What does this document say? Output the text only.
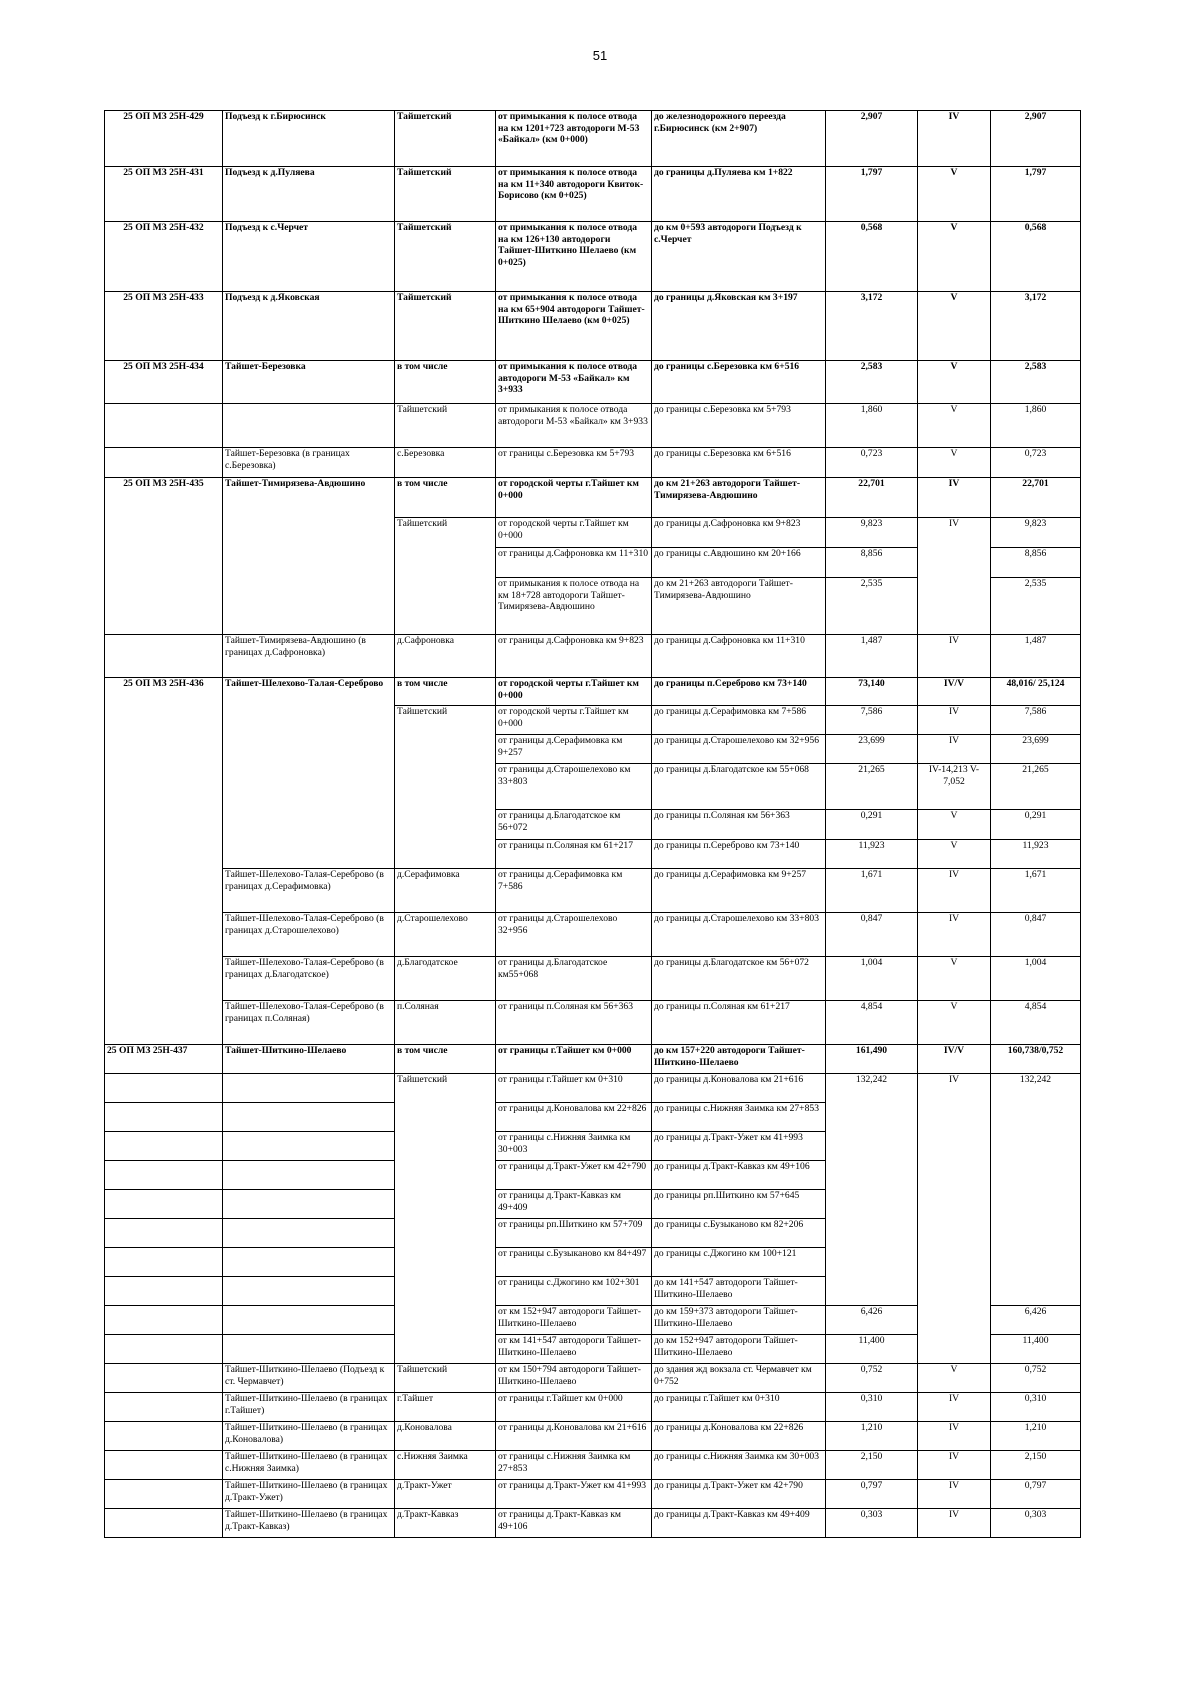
51
25 ОП МЗ 25Н-429	Подъезд к г.Бирюсинск	Тайшетский	от примыкания к полосе отвода на км 1201+723 автодороги М-53 «Байкал» (км 0+000)	до железнодорожного переезда г.Бирюсинск (км 2+907)	2,907	IV	2,907
25 ОП МЗ 25Н-431	Подъезд к д.Пуляева	Тайшетский	от примыкания к полосе отвода на км 11+340 автодороги Квиток-Борисово (км 0+025)	до границы д.Пуляева км 1+822	1,797	V	1,797
25 ОП МЗ 25Н-432	Подъезд к с.Черчет	Тайшетский	от примыкания к полосе отвода на км 126+130 автодороги Тайшет-Шиткино Шелаево (км 0+025)	до км 0+593 автодороги Подъезд к с.Черчет	0,568	V	0,568
25 ОП МЗ 25Н-433	Подъезд к д.Яковская	Тайшетский	от примыкания к полосе отвода на км 65+904 автодороги Тайшет-Шиткино Шелаево (км 0+025)	до границы д.Яковская км 3+197	3,172	V	3,172
25 ОП МЗ 25Н-434	Тайшет-Березовка	в том числе	от примыкания к полосе отвода автодороги М-53 «Байкал» км 3+933	до границы с.Березовка км 6+516	2,583	V	2,583
		Тайшетский	от примыкания к полосе отвода автодороги М-53 «Байкал» км 3+933	до границы с.Березовка км 5+793	1,860	V	1,860
	Тайшет-Березовка (в границах с.Березовка)	с.Березовка	от границы с.Березовка км 5+793	до границы с.Березовка км 6+516	0,723	V	0,723
25 ОП МЗ 25Н-435	Тайшет-Тимирязева-Авдюшино	в том числе	от городской черты г.Тайшет км 0+000	до км 21+263 автодороги Тайшет-Тимирязева-Авдюшино	22,701	IV	22,701
		Тайшетский	от городской черты г.Тайшет км 0+000	до границы д.Сафроновка км 9+823	9,823	IV	9,823
			от границы д.Сафроновка км 11+310	до границы с.Авдюшино км 20+166	8,856		8,856
			от примыкания к полосе отвода на км 18+728 автодороги Тайшет-Тимирязева-Авдюшино	до км 21+263 автодороги Тайшет-Тимирязева-Авдюшино	2,535		2,535
	Тайшет-Тимирязева-Авдюшино (в границах д.Сафроновка)	д.Сафроновка	от границы д.Сафроновка км 9+823	до границы д.Сафроновка км 11+310	1,487	IV	1,487
25 ОП МЗ 25Н-436	Тайшет-Шелехово-Талая-Сереброво	в том числе	от городской черты г.Тайшет км 0+000	до границы п.Сереброво км 73+140	73,140	IV/V	48,016/ 25,124
		Тайшетский	от городской черты г.Тайшет км 0+000	до границы д.Серафимовка км 7+586	7,586	IV	7,586
			от границы д.Серафимовка км 9+257	до границы д.Старошелехово км 32+956	23,699	IV	23,699
			от границы д.Старошелехово км 33+803	до границы д.Благодатское км 55+068	21,265	IV-14,213 V-7,052	21,265
			от границы д.Благодатское км 56+072	до границы п.Соляная км 56+363	0,291	V	0,291
			от границы п.Соляная км 61+217	до границы п.Сереброво км 73+140	11,923	V	11,923
	Тайшет-Шелехово-Талая-Сереброво (в границах д.Серафимовка)	д.Серафимовка	от границы д.Серафимовка км 7+586	до границы д.Серафимовка км 9+257	1,671	IV	1,671
	Тайшет-Шелехово-Талая-Сереброво (в границах д.Старошелехово)	д.Старошелехово	от границы д.Старошелехово 32+956	до границы д.Старошелехово км 33+803	0,847	IV	0,847
	Тайшет-Шелехово-Талая-Сереброво (в границах д.Благодатское)	д.Благодатское	от границы д.Благодатское км55+068	до границы д.Благодатское км 56+072	1,004	V	1,004
	Тайшет-Шелехово-Талая-Сереброво (в границах п.Соляная)	п.Соляная	от границы п.Соляная км 56+363	до границы п.Соляная км 61+217	4,854	V	4,854
25 ОП МЗ 25Н-437	Тайшет-Шиткино-Шелаево	в том числе	от границы г.Тайшет км 0+000	до км 157+220 автодороги Тайшет-Шиткино-Шелаево	161,490	IV/V	160,738/0,752
		Тайшетский	от границы г.Тайшет км 0+310	до границы д.Коновалова км 21+616	132,242	IV	132,242
			от границы д.Коновалова км 22+826	до границы с.Нижняя Заимка км 27+853			
			от границы с.Нижняя Заимка км 30+003	до границы д.Тракт-Ужет км 41+993			
			от границы д.Тракт-Ужет км 42+790	до границы д.Тракт-Кавказ км 49+106			
			от границы д.Тракт-Кавказ км 49+409	до границы рп.Шиткино км 57+645			
			от границы рп.Шиткино км 57+709	до границы с.Бузыканово км 82+206			
			от границы с.Бузыканово км 84+497	до границы с.Джогино км 100+121			
			от границы с.Джогино км 102+301	до км 141+547 автодороги Тайшет-Шиткино-Шелаево			
			от км 152+947 автодороги Тайшет-Шиткино-Шелаево	до км 159+373 автодороги Тайшет-Шиткино-Шелаево	6,426		6,426
			от км 141+547 автодороги Тайшет-Шиткино-Шелаево	до км 152+947 автодороги Тайшет-Шиткино-Шелаево	11,400		11,400
	Тайшет-Шиткино-Шелаево (Подъезд к ст. Чермавчет)	Тайшетский	от км 150+794 автодороги Тайшет-Шиткино-Шелаево	до здания жд вокзала ст. Чермавчет км 0+752	0,752	V	0,752
	Тайшет-Шиткино-Шелаево (в границах г.Тайшет)	г.Тайшет	от границы г.Тайшет км 0+000	до границы г.Тайшет км 0+310	0,310	IV	0,310
	Тайшет-Шиткино-Шелаево (в границах д.Коновалова)	д.Коновалова	от границы д.Коновалова км 21+616	до границы д.Коновалова км 22+826	1,210	IV	1,210
	Тайшет-Шиткино-Шелаево (в границах с.Нижняя Заимка)	с.Нижняя Заимка	от границы с.Нижняя Заимка км 27+853	до границы с.Нижняя Заимка км 30+003	2,150	IV	2,150
	Тайшет-Шиткино-Шелаево (в границах д.Тракт-Ужет)	д.Тракт-Ужет	от границы д.Тракт-Ужет км 41+993	до границы д.Тракт-Ужет км 42+790	0,797	IV	0,797
	Тайшет-Шиткино-Шелаево (в границах д.Тракт-Кавказ)	д.Тракт-Кавказ	от границы д.Тракт-Кавказ км 49+106	до границы д.Тракт-Кавказ км 49+409	0,303	IV	0,303
